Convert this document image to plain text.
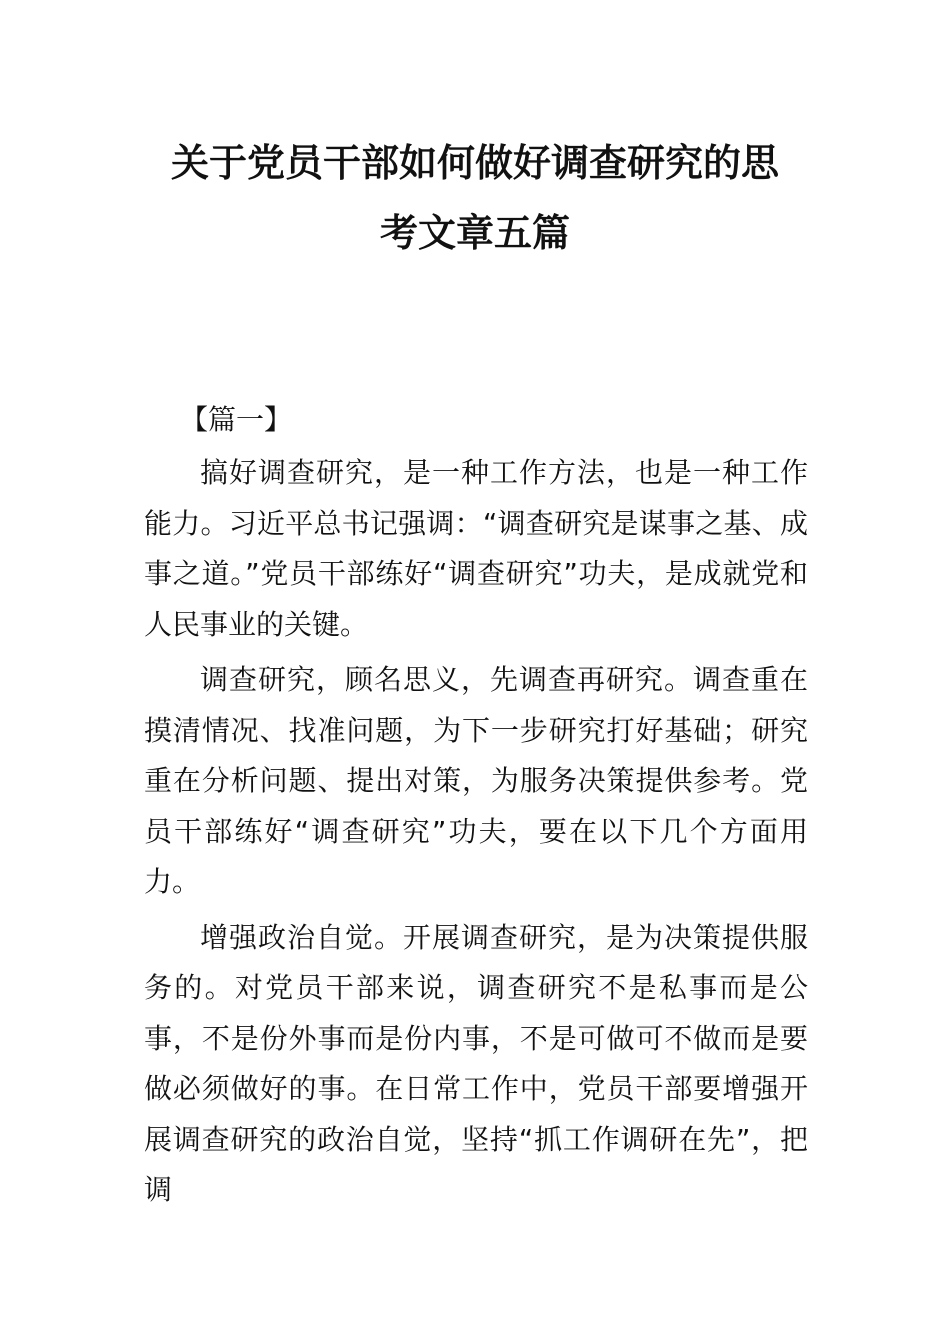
关于党员干部如何做好调查研究的思
考文章五篇

【篇一】

搞好调查研究，是一种工作方法，也是一种工作能力。习近平总书记强调：“调查研究是谋事之基、成事之道。”党员干部练好“调查研究”功夫，是成就党和人民事业的关键。

调查研究，顾名思义，先调查再研究。调查重在摸清情况、找准问题，为下一步研究打好基础；研究重在分析问题、提出对策，为服务决策提供参考。党员干部练好“调查研究”功夫，要在以下几个方面用力。

增强政治自觉。开展调查研究，是为决策提供服务的。对党员干部来说，调查研究不是私事而是公事，不是份外事而是份内事，不是可做可不做而是要做必须做好的事。在日常工作中，党员干部要增强开展调查研究的政治自觉，坚持“抓工作调研在先”，把调
